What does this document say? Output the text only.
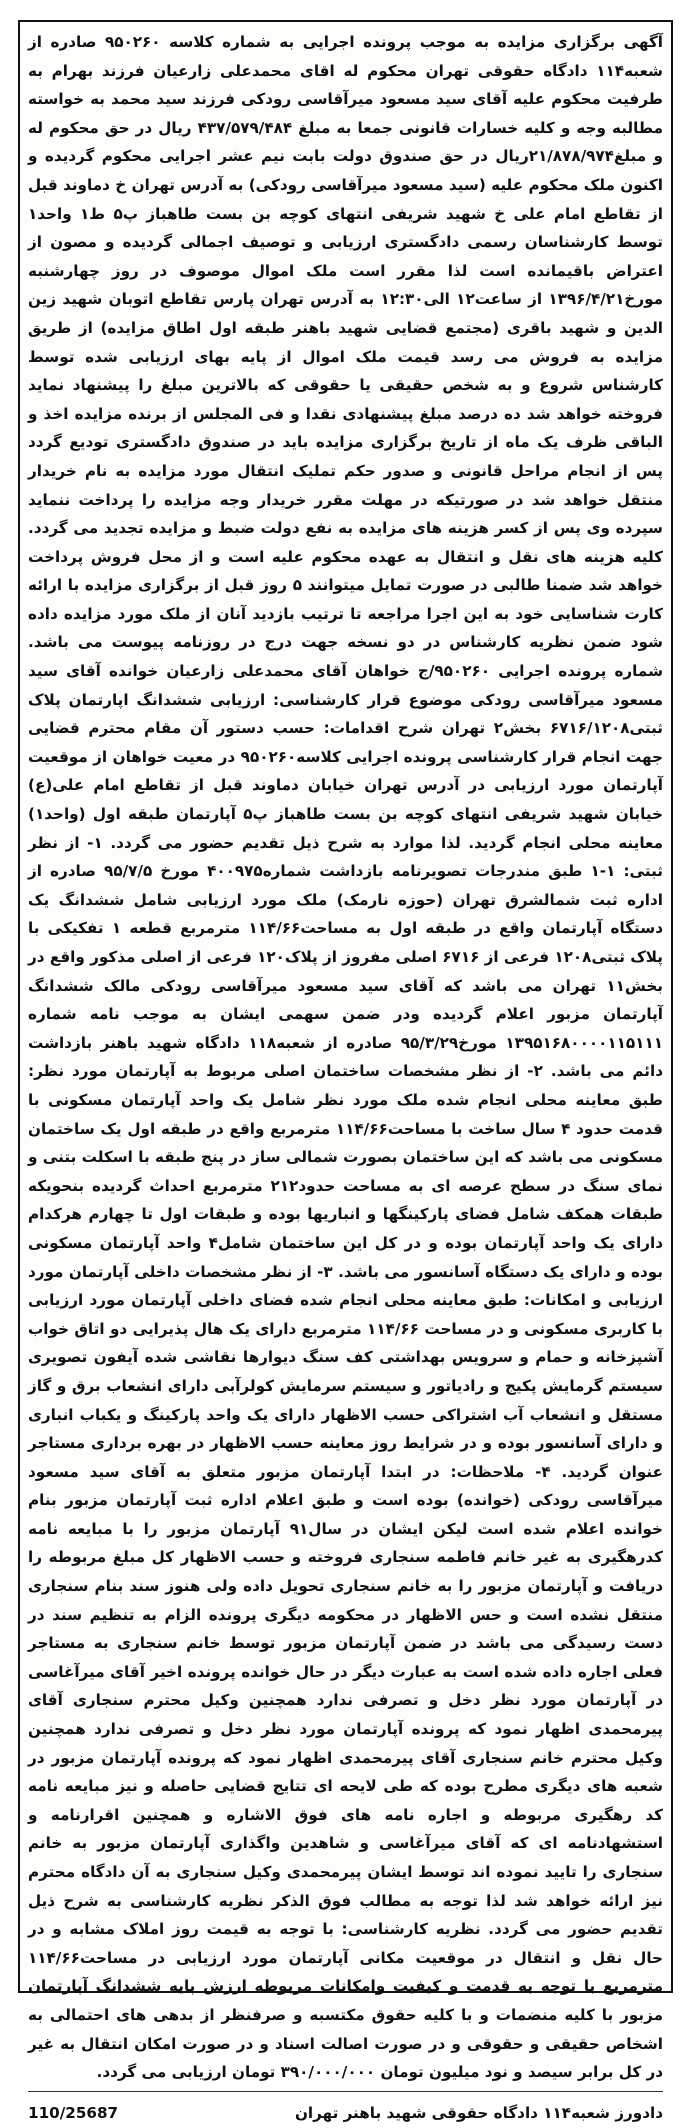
آگهی برگزاری مزایده به موجب پرونده اجرایی به شماره کلاسه ۹۵۰۲۶۰ صادره از شعبه۱۱۴ دادگاه حقوقی تهران محکوم له اقای محمدعلی زارعیان فرزند بهرام به طرفیت محکوم علیه آقای سید مسعود میرآقاسی رودکی فرزند سید محمد به خواسته مطالبه وجه و کلیه خسارات قانونی جمعا به مبلغ ۴۳۷/۵۷۹/۴۸۴ ریال در حق محکوم له و مبلغ۲۱/۸۷۸/۹۷۴ریال در حق صندوق دولت بابت نیم عشر اجرایی محکوم گردیده و اکنون ملک محکوم علیه (سید مسعود میرآقاسی رودکی) به آدرس تهران خ دماوند قبل از تقاطع امام علی خ شهید شریفی انتهای کوچه بن بست طاهباز پ۵ ط۱ واحد۱ توسط کارشناسان رسمی دادگستری ارزیابی و توصیف اجمالی گردیده و مصون از اعتراض باقیمانده است لذا مقرر است ملک اموال موصوف در روز چهارشنبه مورخ۱۳۹۶/۴/۲۱ از ساعت۱۲ الی۱۲:۳۰ به آدرس تهران پارس تقاطع اتوبان شهید زین الدین و شهید باقری (مجتمع قضایی شهید باهنر طبقه اول اطاق مزایده) از طریق مزایده به فروش می رسد قیمت ملک اموال از پایه بهای ارزیابی شده توسط کارشناس شروع و به شخص حقیقی یا حقوقی که بالاترین مبلغ را پیشنهاد نماید فروخته خواهد شد ده درصد مبلغ پیشنهادی نقدا و فی المجلس از برنده مزایده اخذ و الباقی ظرف یک ماه از تاریخ برگزاری مزایده باید در صندوق دادگستری تودیع گردد پس از انجام مراحل قانونی و صدور حکم تملیک انتقال مورد مزایده به نام خریدار منتقل خواهد شد در صورتیکه در مهلت مقرر خریدار وجه مزایده را پرداخت ننماید سپرده وی پس از کسر هزینه های مزایده به نفع دولت ضبط و مزایده تجدید می گردد. کلیه هزینه های نقل و انتقال به عهده محکوم علیه است و از محل فروش پرداخت خواهد شد ضمنا طالبی در صورت تمایل میتوانند ۵ روز قبل از برگزاری مزایده با ارائه کارت شناسایی خود به این اجرا مراجعه تا ترتیب بازدید آنان از ملک مورد مزایده داده شود ضمن نظریه کارشناس در دو نسخه جهت درج در روزنامه پیوست می باشد. شماره پرونده اجرایی ۹۵۰۲۶۰/ج خواهان آقای محمدعلی زارعیان خوانده آقای سید مسعود میرآقاسی رودکی موضوع قرار کارشناسی: ارزیابی ششدانگ اپارتمان پلاک ثبتی۶۷۱۶/۱۲۰۸ بخش۲ تهران شرح اقدامات: حسب دستور آن مقام محترم قضایی جهت انجام قرار کارشناسی پرونده اجرایی کلاسه۹۵۰۲۶۰ در معیت خواهان از موقعیت آپارتمان مورد ارزیابی در آدرس تهران خیابان دماوند قبل از تقاطع امام علی(ع) خیابان شهید شریفی انتهای کوچه بن بست طاهباز پ۵ آپارتمان طبقه اول (واحد۱) معاینه محلی انجام گردید. لذا موارد به شرح ذیل تقدیم حضور می گردد. ۱- از نظر ثبتی: ۱-۱ طبق مندرجات تصویرنامه بازداشت شماره۴۰۰۹۷۵ مورخ ۹۵/۷/۵ صادره از اداره ثبت شمالشرق تهران (حوزه نارمک) ملک مورد ارزیابی شامل ششدانگ یک دستگاه آپارتمان واقع در طبقه اول به مساحت۱۱۴/۶۶ مترمربع قطعه ۱ تفکیکی با پلاک ثبتی۱۲۰۸ فرعی از ۶۷۱۶ اصلی مفروز از پلاک۱۲۰ فرعی از اصلی مذکور واقع در بخش۱۱ تهران می باشد که آقای سید مسعود میرآقاسی رودکی مالک ششدانگ آپارتمان مزبور اعلام گردیده ودر ضمن سهمی ایشان به موجب نامه شماره ۱۳۹۵۱۶۸۰۰۰۰۱۱۵۱۱۱ مورخ۹۵/۳/۲۹ صادره از شعبه۱۱۸ دادگاه شهید باهنر بازداشت دائم می باشد. ۲- از نظر مشخصات ساختمان اصلی مربوط به آپارتمان مورد نظر: طبق معاینه محلی انجام شده ملک مورد نظر شامل یک واحد آپارتمان مسکونی با قدمت حدود ۴ سال ساخت با مساحت۱۱۴/۶۶ مترمربع واقع در طبقه اول یک ساختمان مسکونی می باشد که این ساختمان بصورت شمالی ساز در پنج طبقه با اسکلت بتنی و نمای سنگ در سطح عرصه ای به مساحت حدود۲۱۲ مترمربع احداث گردیده بنحویکه طبقات همکف شامل فضای پارکینگها و انباریها بوده و طبقات اول تا چهارم هرکدام دارای یک واحد آپارتمان بوده و در کل این ساختمان شامل۴ واحد آپارتمان مسکونی بوده و دارای یک دستگاه آسانسور می باشد. ۳- از نظر مشخصات داخلی آپارتمان مورد ارزیابی و امکانات: طبق معاینه محلی انجام شده فضای داخلی آپارتمان مورد ارزیابی با کاربری مسکونی و در مساحت ۱۱۴/۶۶ مترمربع دارای یک هال پذیرایی دو اتاق خواب آشپزخانه و حمام و سرویس بهداشتی کف سنگ دیوارها نقاشی شده آیفون تصویری سیستم گرمایش پکیج و رادیاتور و سیستم سرمایش کولرآبی دارای انشعاب برق و گاز مستقل و انشعاب آب اشتراکی حسب الاظهار دارای یک واحد پارکینگ و یکباب انباری و دارای آسانسور بوده و در شرایط روز معاینه حسب الاظهار در بهره برداری مستاجر عنوان گردید. ۴- ملاحظات: در ابتدا آپارتمان مزبور متعلق به آقای سید مسعود میرآقاسی رودکی (خوانده) بوده است و طبق اعلام اداره ثبت آپارتمان مزبور بنام خوانده اعلام شده است لیکن ایشان در سال۹۱ آپارتمان مزبور را با مبایعه نامه کدرهگیری به غیر خانم فاطمه سنجاری فروخته و حسب الاظهار کل مبلغ مربوطه را دریافت و آپارتمان مزبور را به خانم سنجاری تحویل داده ولی هنوز سند بنام سنجاری منتقل نشده است و حس الاظهار در محکومه دیگری پرونده الزام به تنظیم سند در دست رسیدگی می باشد در ضمن آپارتمان مزبور توسط خانم سنجاری به مستاجر فعلی اجاره داده شده است به عبارت دیگر در حال خوانده پرونده اخیر آقای میرآغاسی در آپارتمان مورد نظر دخل و تصرفی ندارد همچنین وکیل محترم سنجاری آقای پیرمحمدی اظهار نمود که پرونده آپارتمان مورد نظر دخل و تصرفی ندارد همچنین وکیل محترم خانم سنجاری آقای پیرمحمدی اظهار نمود که پرونده آپارتمان مزبور در شعبه های دیگری مطرح بوده که طی لایحه ای تتایج قضایی حاصله و نیز مبایعه نامه کد رهگیری مربوطه و اجاره نامه های فوق الاشاره و همچنین اقرارنامه و استشهادنامه ای که آقای میرآغاسی و شاهدین واگذاری آپارتمان مزبور به خانم سنجاری را تایید نموده اند توسط ایشان پیرمحمدی وکیل سنجاری به آن دادگاه محترم نیز ارائه خواهد شد لذا توجه به مطالب فوق الذکر نظریه کارشناسی به شرح ذیل تقدیم حضور می گردد. نظریه کارشناسی: با توجه به قیمت روز املاک مشابه و در حال نقل و انتقال در موقعیت مکانی آپارتمان مورد ارزیابی در مساحت۱۱۴/۶۶ مترمربع با توجه به قدمت و کیفیت وامکانات مربوطه ارزش پایه ششدانگ آپارتمان مزبور با کلیه منضمات و با کلیه حقوق مکتسبه و صرفنظر از بدهی های احتمالی به اشخاص حقیقی و حقوقی و در صورت اصالت اسناد و در صورت امکان انتقال به غیر در کل برابر سیصد و نود میلیون تومان ۳۹۰/۰۰۰/۰۰۰ تومان ارزیابی می گردد.

دادورز شعبه۱۱۴ دادگاه حقوقی شهید باهنر تهران
110/25687
